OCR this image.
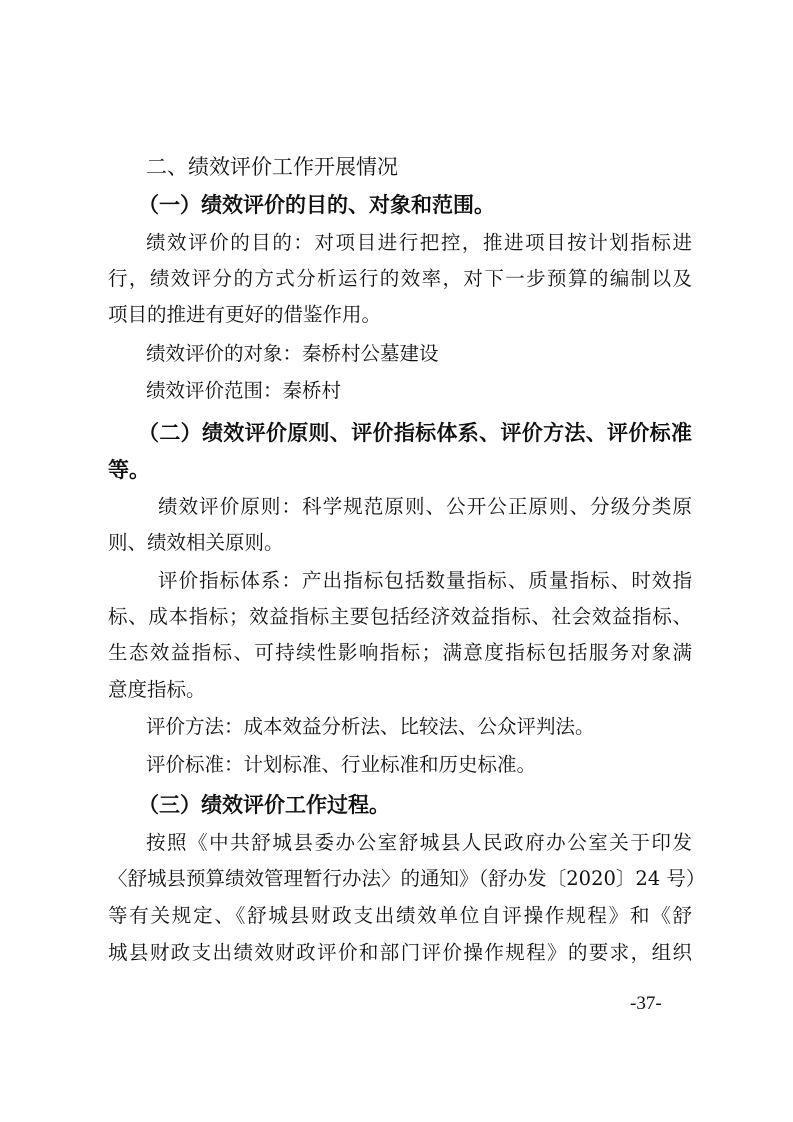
二、绩效评价工作开展情况
（一）绩效评价的目的、对象和范围。
绩效评价的目的：对项目进行把控，推进项目按计划指标进
行，绩效评分的方式分析运行的效率，对下一步预算的编制以及
项目的推进有更好的借鉴作用。
绩效评价的对象：秦桥村公墓建设
绩效评价范围：秦桥村
（二）绩效评价原则、评价指标体系、评价方法、评价标准
等。
绩效评价原则：科学规范原则、公开公正原则、分级分类原
则、绩效相关原则。
评价指标体系：产出指标包括数量指标、质量指标、时效指
标、成本指标；效益指标主要包括经济效益指标、社会效益指标、
生态效益指标、可持续性影响指标；满意度指标包括服务对象满
意度指标。
评价方法：成本效益分析法、比较法、公众评判法。
评价标准：计划标准、行业标准和历史标准。
（三）绩效评价工作过程。
按照《中共舒城县委办公室舒城县人民政府办公室关于印发
〈舒城县预算绩效管理暂行办法〉的通知》（舒办发〔2020〕24 号）
等有关规定、《舒城县财政支出绩效单位自评操作规程》和《舒
城县财政支出绩效财政评价和部门评价操作规程》的要求，组织
-37-
